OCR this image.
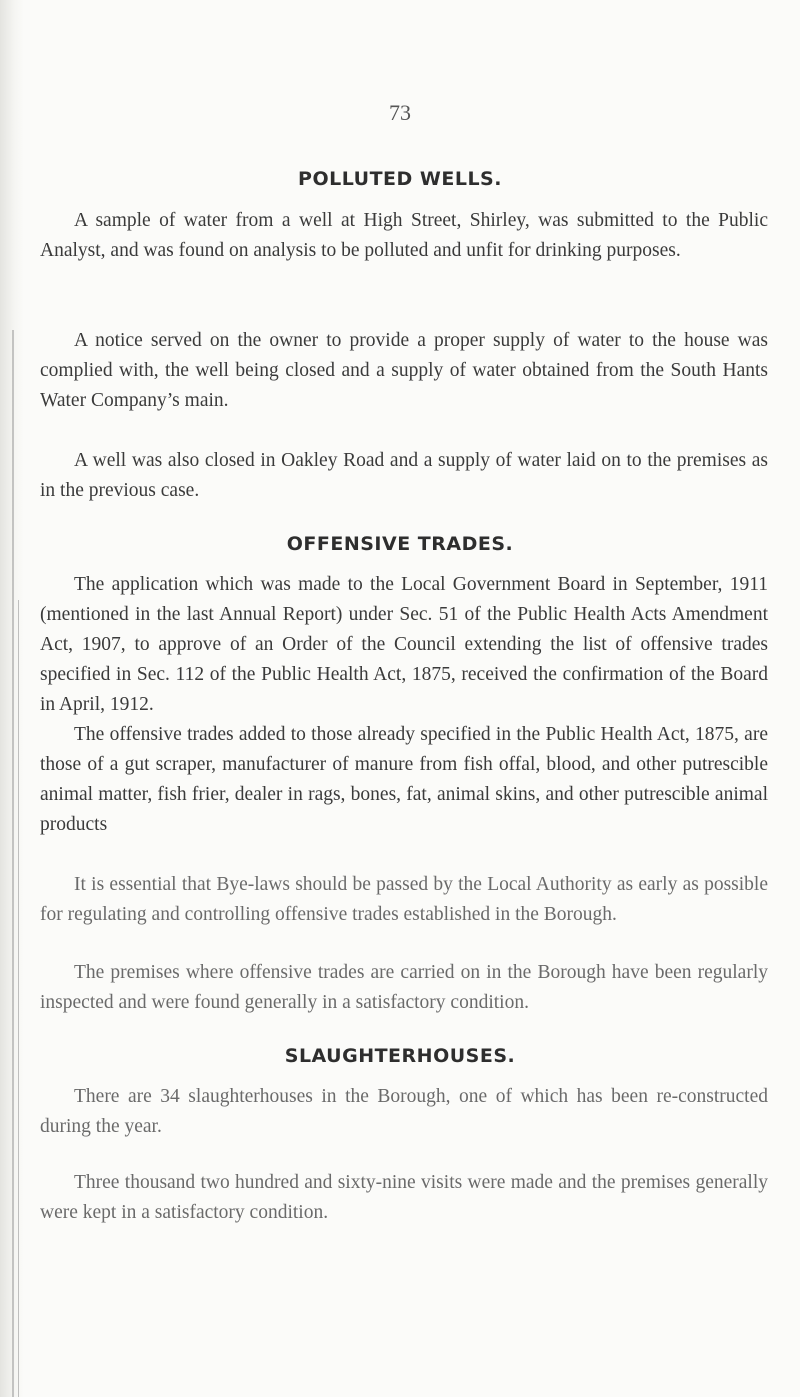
73
POLLUTED WELLS.

A sample of water from a well at High Street, Shirley, was submitted to the Public Analyst, and was found on analysis to be polluted and unfit for drinking purposes.

A notice served on the owner to provide a proper supply of water to the house was complied with, the well being closed and a supply of water obtained from the South Hants Water Company’s main.

A well was also closed in Oakley Road and a supply of water laid on to the premises as in the previous case.

OFFENSIVE TRADES.

The application which was made to the Local Government Board in September, 1911 (mentioned in the last Annual Report) under Sec. 51 of the Public Health Acts Amendment Act, 1907, to approve of an Order of the Council extending the list of offensive trades specified in Sec. 112 of the Public Health Act, 1875, received the confirmation of the Board in April, 1912.

The offensive trades added to those already specified in the Public Health Act, 1875, are those of a gut scraper, manufacturer of manure from fish offal, blood, and other putrescible animal matter, fish frier, dealer in rags, bones, fat, animal skins, and other putrescible animal products

It is essential that Bye-laws should be passed by the Local Authority as early as possible for regulating and controlling offensive trades established in the Borough.

The premises where offensive trades are carried on in the Borough have been regularly inspected and were found generally in a satisfactory condition.

SLAUGHTERHOUSES.

There are 34 slaughterhouses in the Borough, one of which has been re-constructed during the year.

Three thousand two hundred and sixty-nine visits were made and the premises generally were kept in a satisfactory condition.
